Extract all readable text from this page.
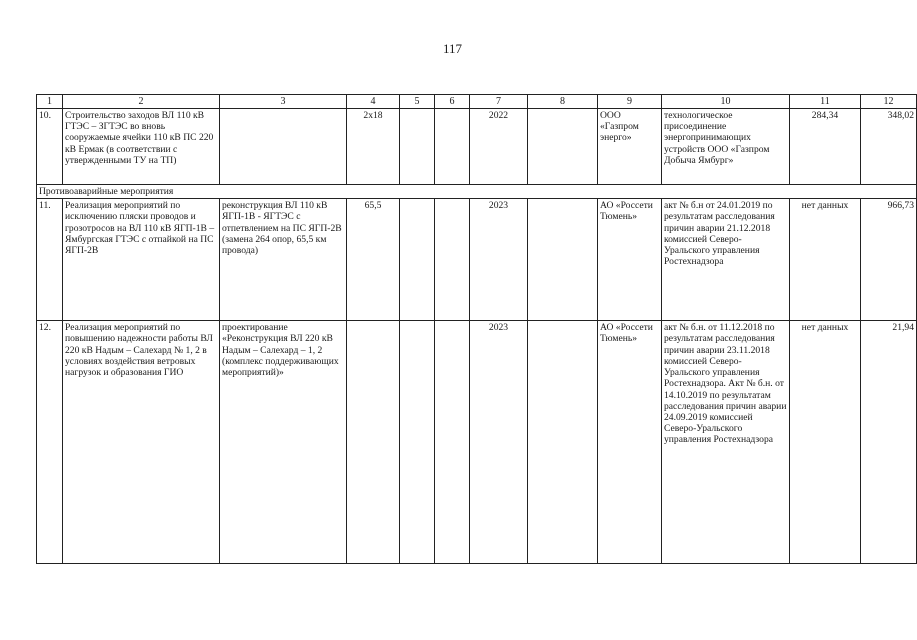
117
1	2	3	4	5	6	7	8	9	10	11	12
10.	Строительство заходов ВЛ 110 кВ ГТЭС – ЗГТЭС во вновь сооружаемые ячейки 110 кВ ПС 220 кВ Ермак (в соответствии с утвержденными ТУ на ТП)		2x18			2022		ООО «Газпром энерго»	технологическое присоединение энергопринимающих устройств ООО «Газпром Добыча Ямбург»	284,34	348,02
Противоаварийные мероприятия											
11.	Реализация мероприятий по исключению пляски проводов и грозотросов на ВЛ 110 кВ ЯГП-1В – Ямбургская ГТЭС с отпайкой на ПС ЯГП-2В	реконструкция ВЛ 110 кВ ЯГП-1В - ЯГТЭС с отпетвлением на ПС ЯГП-2В (замена 264 опор, 65,5 км провода)	65,5			2023		АО «Россети Тюмень»	акт № б.н от 24.01.2019 по результатам расследования причин аварии 21.12.2018 комиссией Северо-Уральского управления Ростехнадзора	нет данных	966,73
12.	Реализация мероприятий по повышению надежности работы ВЛ 220 кВ Надым – Салехард № 1, 2 в условиях воздействия ветровых нагрузок и образования ГИО	проектирование «Реконструкция ВЛ 220 кВ Надым – Салехард – 1, 2 (комплекс поддерживающих мероприятий)»				2023		АО «Россети Тюмень»	акт № б.н. от 11.12.2018 по результатам расследования причин аварии 23.11.2018 комиссией Северо-Уральского управления Ростехнадзора. Акт № б.н. от 14.10.2019 по результатам расследования причин аварии 24.09.2019 комиссией Северо-Уральского управления Ростехнадзора	нет данных	21,94
